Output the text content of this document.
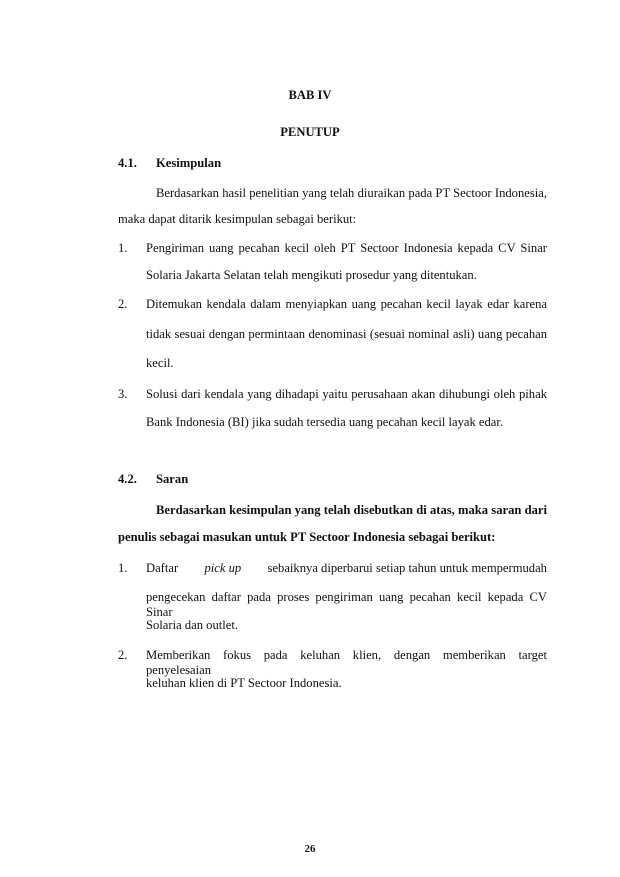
BAB IV
PENUTUP
4.1. Kesimpulan
Berdasarkan hasil penelitian yang telah diuraikan pada PT Sectoor Indonesia,
maka dapat ditarik kesimpulan sebagai berikut:
1. Pengiriman uang pecahan kecil oleh PT Sectoor Indonesia kepada CV Sinar
Solaria Jakarta Selatan telah mengikuti prosedur yang ditentukan.
2. Ditemukan kendala dalam menyiapkan uang pecahan kecil layak edar karena
tidak sesuai dengan permintaan denominasi (sesuai nominal asli) uang pecahan
kecil.
3. Solusi dari kendala yang dihadapi yaitu perusahaan akan dihubungi oleh pihak
Bank Indonesia (BI) jika sudah tersedia uang pecahan kecil layak edar.
4.2. Saran
Berdasarkan kesimpulan yang telah disebutkan di atas, maka saran dari
penulis sebagai masukan untuk PT Sectoor Indonesia sebagai berikut:
1. Daftar pick up sebaiknya diperbarui setiap tahun untuk mempermudah
pengecekan daftar pada proses pengiriman uang pecahan kecil kepada CV Sinar
Solaria dan outlet.
2. Memberikan fokus pada keluhan klien, dengan memberikan target penyelesaian
keluhan klien di PT Sectoor Indonesia.
26
